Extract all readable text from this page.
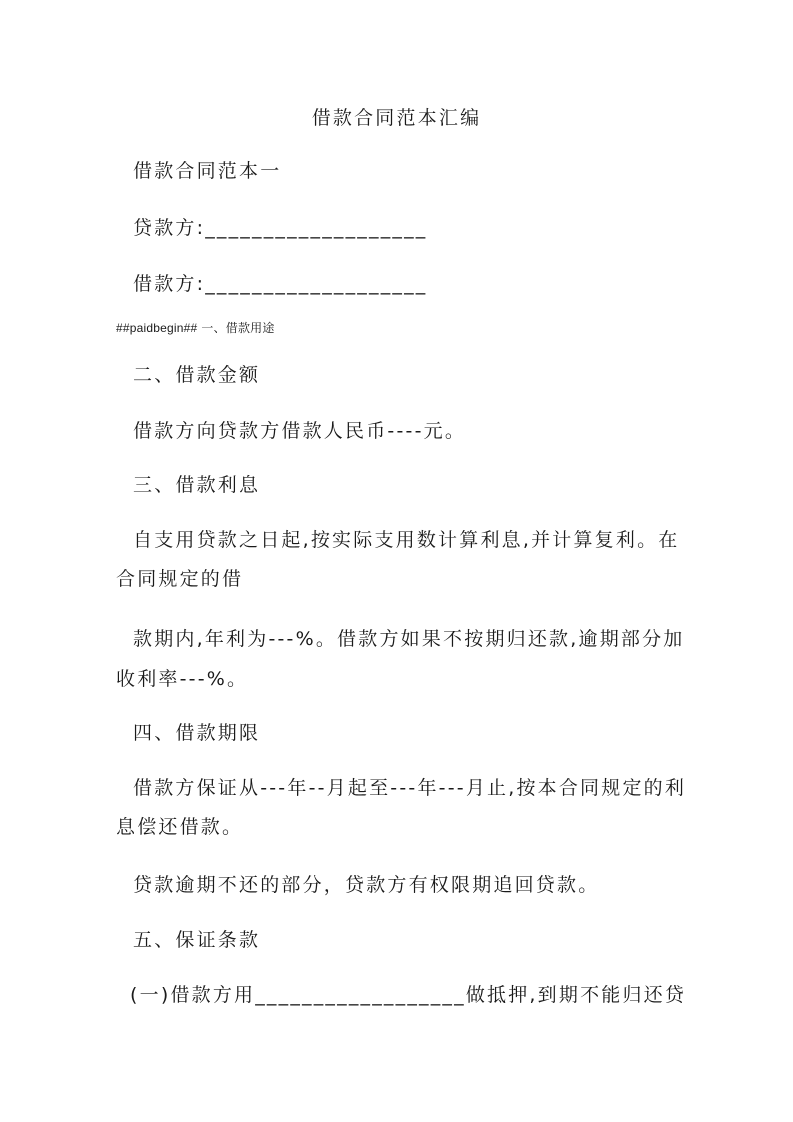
借款合同范本汇编
借款合同范本一
贷款方:___________________
借款方:___________________
##paidbegin## 一、借款用途
二、借款金额
借款方向贷款方借款人民币----元。
三、借款利息
自支用贷款之日起,按实际支用数计算利息,并计算复利。在
合同规定的借
款期内,年利为---%。借款方如果不按期归还款,逾期部分加
收利率---%。
四、借款期限
借款方保证从---年--月起至---年---月止,按本合同规定的利
息偿还借款。
贷款逾期不还的部分，贷款方有权限期追回贷款。
五、保证条款
(一)借款方用__________________做抵押,到期不能归还贷
